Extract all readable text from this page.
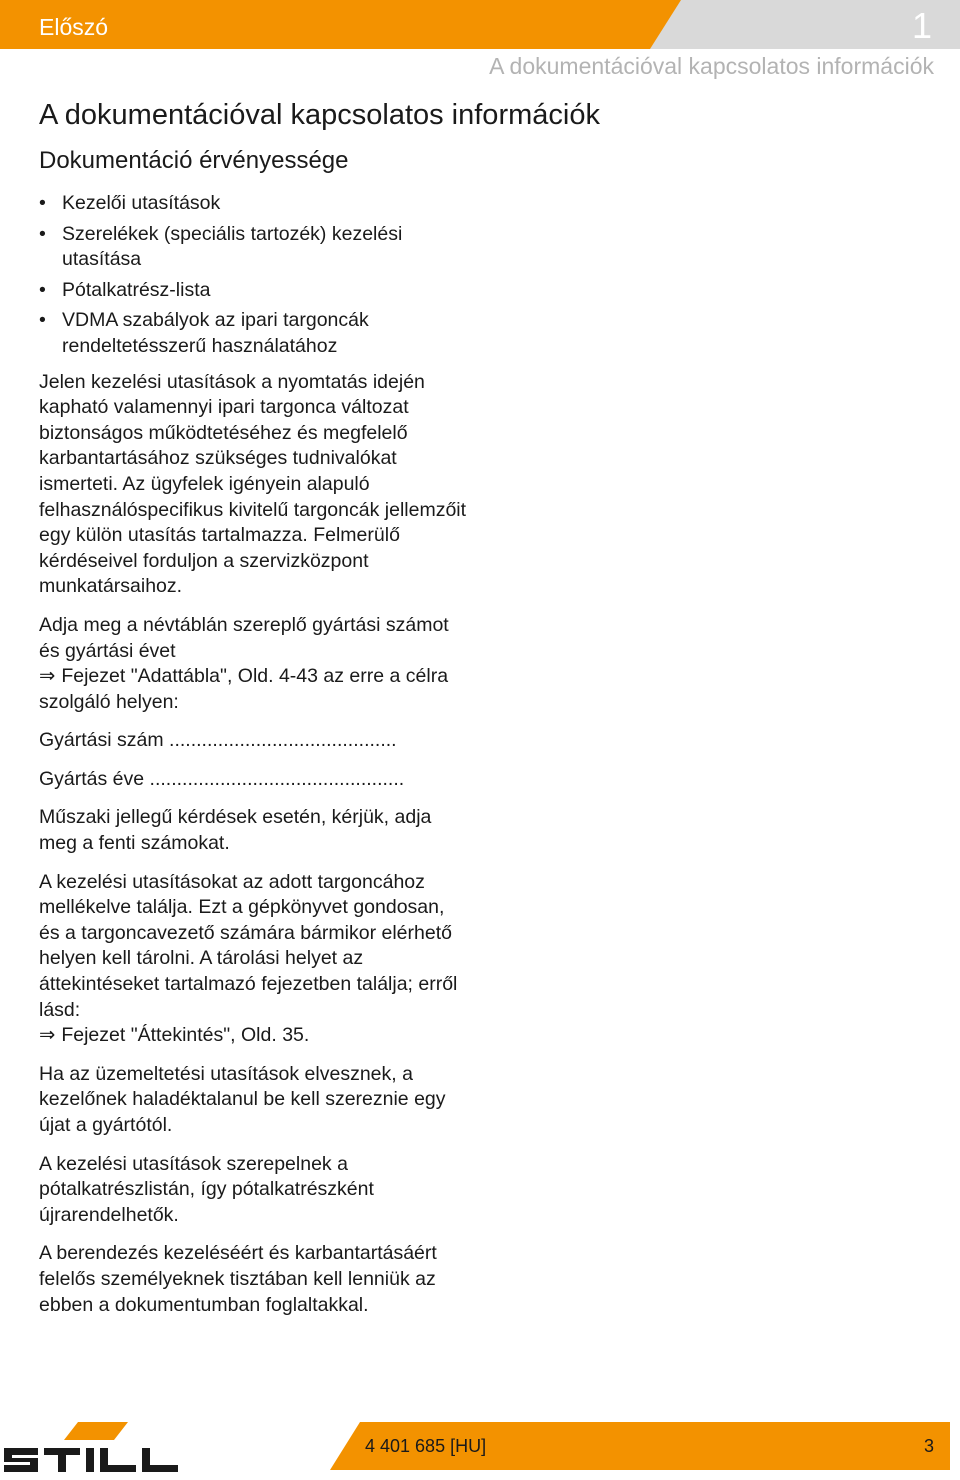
Előszó	1
A dokumentációval kapcsolatos információk
A dokumentációval kapcsolatos információk
Dokumentáció érvényessége
• Kezelői utasítások
• Szerelékek (speciális tartozék) kezelési utasítása
• Pótalkatrész-lista
• VDMA szabályok az ipari targoncák rendeltetésszerű használatához

Jelen kezelési utasítások a nyomtatás idején kapható valamennyi ipari targonca változat biztonságos működtetéséhez és megfelelő karbantartásához szükséges tudnivalókat ismerteti. Az ügyfelek igényein alapuló felhasználóspecifikus kivitelű targoncák jellemzőit egy külön utasítás tartalmazza. Felmerülő kérdéseivel forduljon a szervizközpont munkatársaihoz.

Adja meg a névtáblán szereplő gyártási számot és gyártási évet
⇒ Fejezet "Adattábla", Old. 4-43 az erre a célra szolgáló helyen:

Gyártási szám ..........................................
Gyártás éve ...............................................

Műszaki jellegű kérdések esetén, kérjük, adja meg a fenti számokat.

A kezelési utasításokat az adott targoncához mellékelve találja. Ezt a gépkönyvet gondosan, és a targoncavezető számára bármikor elérhető helyen kell tárolni. A tárolási helyet az áttekintéseket tartalmazó fejezetben találja; erről lásd:
⇒ Fejezet "Áttekintés", Old. 35.

Ha az üzemeltetési utasítások elvesznek, a kezelőnek haladéktalanul be kell szereznie egy újat a gyártótól.

A kezelési utasítások szerepelnek a pótalkatrészlistán, így pótalkatrészként újrarendelhetők.

A berendezés kezeléséért és karbantartásáért felelős személyeknek tisztában kell lenniük az ebben a dokumentumban foglaltakkal.

4 401 685 [HU]	3
